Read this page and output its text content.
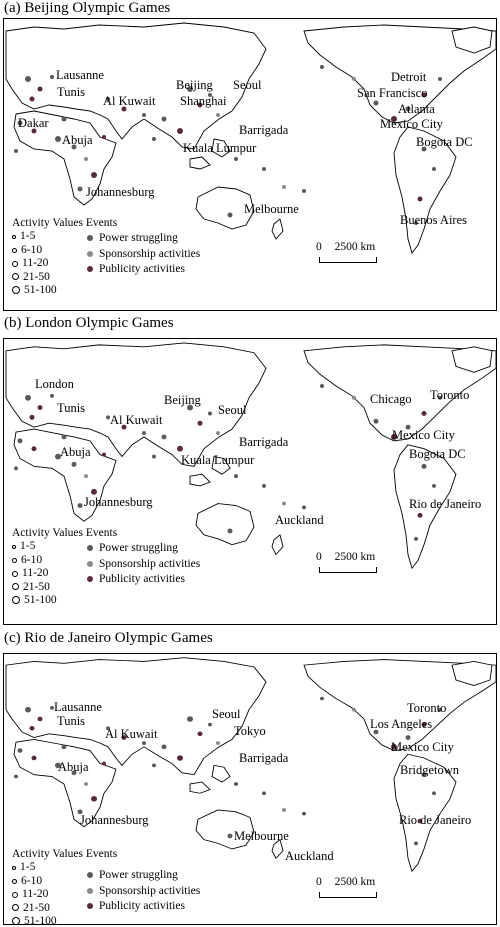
(a) Beijing Olympic Games
Lausanne
Beijing Seoul
Detroit
Tunis
Al Kuwait Shanghai
San Francisco
Atlanta
Dakar	Mexico City
Barrigada
Abuja
Kuala Lumpur	Bogota DC
Johannesburg
Buenos Aires
Melbourne
Activity Values Events
1-5
6-10
11-20
21-50
51-100
Power struggling
Sponsorship activities
Publicity activities
0 2500 km
(b) London Olympic Games
London
Beijing	Chicago Toronto
Tunis	Seoul
Al Kuwait
Barrigada	Mexico City
Abuja
Kuala Lumpur	Bogota DC
Johannesburg	Rio de Janeiro
Auckland
Activity Values Events
1-5
6-10
11-20
21-50
51-100
Power struggling
Sponsorship activities
Publicity activities
0 2500 km
(c) Rio de Janeiro Olympic Games
Lausanne	Seoul	Toronto
Tunis
Tokyo	Los Angeles
Al Kuwait
Mexico City
Barrigada
Bridgetown
Abuja
Rio de Janeiro
Johannesburg
Melbourne
Auckland
Activity Values Events
1-5
6-10
11-20
21-50
51-100
Power struggling
Sponsorship activities
Publicity activities
0 2500 km
